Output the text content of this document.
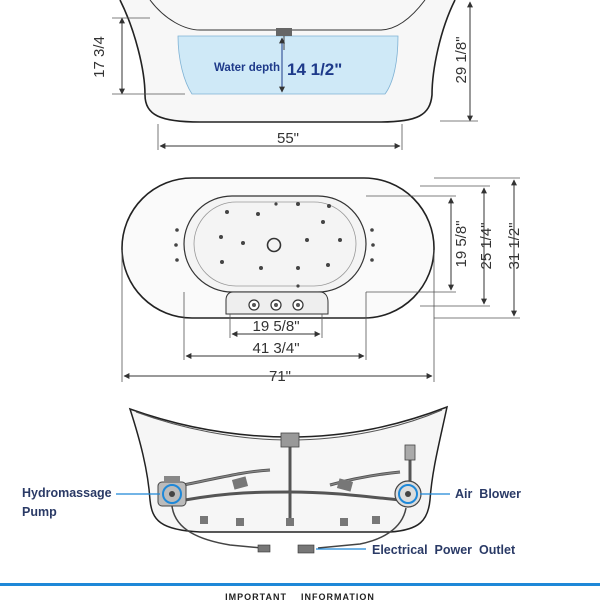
Water depth 14 1/2"
17 3/4	29 1/8"
55"
19 5/8" 25 1/4" 31 1/2"
19 5/8"
41 3/4"
71"
Hydromassage
Pump
Air  Blower
Electrical  Power  Outlet
IMPORTANT    INFORMATION
